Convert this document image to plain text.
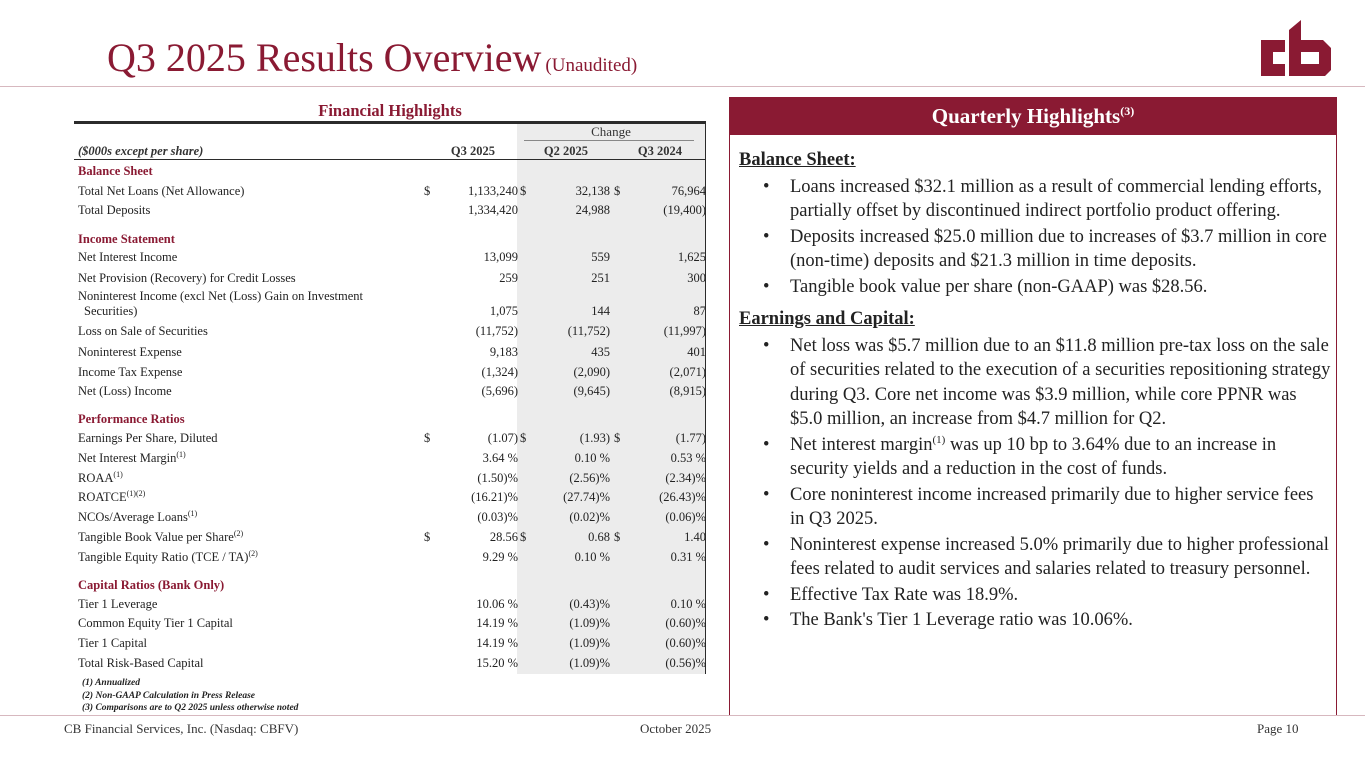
Q3 2025 Results Overview (Unaudited)
Financial Highlights
Change
($000s except per share)	Q3 2025	Q2 2025	Q3 2024
Balance Sheet
Total Net Loans (Net Allowance)	$	1,133,240 $	32,138 $	76,964
Total Deposits	1,334,420	24,988	(19,400)
Income Statement
Net Interest Income	13,099	559	1,625
Net Provision (Recovery) for Credit Losses	259	251	300
Noninterest Income (excl Net (Loss) Gain on Investment
Securities)	1,075	144	87
Loss on Sale of Securities	(11,752)	(11,752)	(11,997)
Noninterest Expense	9,183	435	401
Income Tax Expense	(1,324)	(2,090)	(2,071)
Net (Loss) Income	(5,696)	(9,645)	(8,915)
Performance Ratios
Earnings Per Share, Diluted	$	(1.07) $	(1.93) $	(1.77)
Net Interest Margin$^{(1)}$	3.64 %	0.10 %	0.53 %
ROAA$^{(1)}$	(1.50)%	(2.56)%	(2.34)%
$ROATCE^{(1)(2)}$	(16.21)%	(27.74)%	(26.43)%
NCOs/Average Loans$^{(1)}$	(0.03)%	(0.02)%	(0.06)%
Tangible Book Value per Share$^{(2)}$	$	28.56 $	0.68 $	1.40
Tangible Equity Ratio (TCE / TA)$^{(2)}$	9.29 %	0.10 %	0.31 %
Capital Ratios (Bank Only)
Tier 1 Leverage	10.06 %	(0.43)%	0.10 %
Common Equity Tier 1 Capital	14.19 %	(1.09)%	(0.60)%
Tier 1 Capital	14.19 %	(1.09)%	(0.60)%
Total Risk-Based Capital	15.20 %	(1.09)%	(0.56)%
(1) Annualized
(2) Non-GAAP Calculation in Press Release
(3) Comparisons are to Q2 2025 unless otherwise noted
Quarterly Highlights$^{(3)}$
Balance Sheet:
• Loans increased $32.1 million as a result of commercial lending efforts, partially offset by discontinued indirect portfolio product offering.
• Deposits increased $25.0 million due to increases of $3.7 million in core (non-time) deposits and $21.3 million in time deposits.
• Tangible book value per share (non-GAAP) was $28.56.
Earnings and Capital:
• Net loss was $5.7 million due to an $11.8 million pre-tax loss on the sale of securities related to the execution of a securities repositioning strategy during Q3. Core net income was $3.9 million, while core PPNR was $5.0 million, an increase from $4.7 million for Q2.
• Net interest margin$^{(1)}$ was up 10 bp to 3.64% due to an increase in security yields and a reduction in the cost of funds.
• Core noninterest income increased primarily due to higher service fees in Q3 2025.
• Noninterest expense increased 5.0% primarily due to higher professional fees related to audit services and salaries related to treasury personnel.
• Effective Tax Rate was 18.9%.
• The Bank's Tier 1 Leverage ratio was 10.06%.
CB Financial Services, Inc. (Nasdaq: CBFV)	October 2025	Page 10
